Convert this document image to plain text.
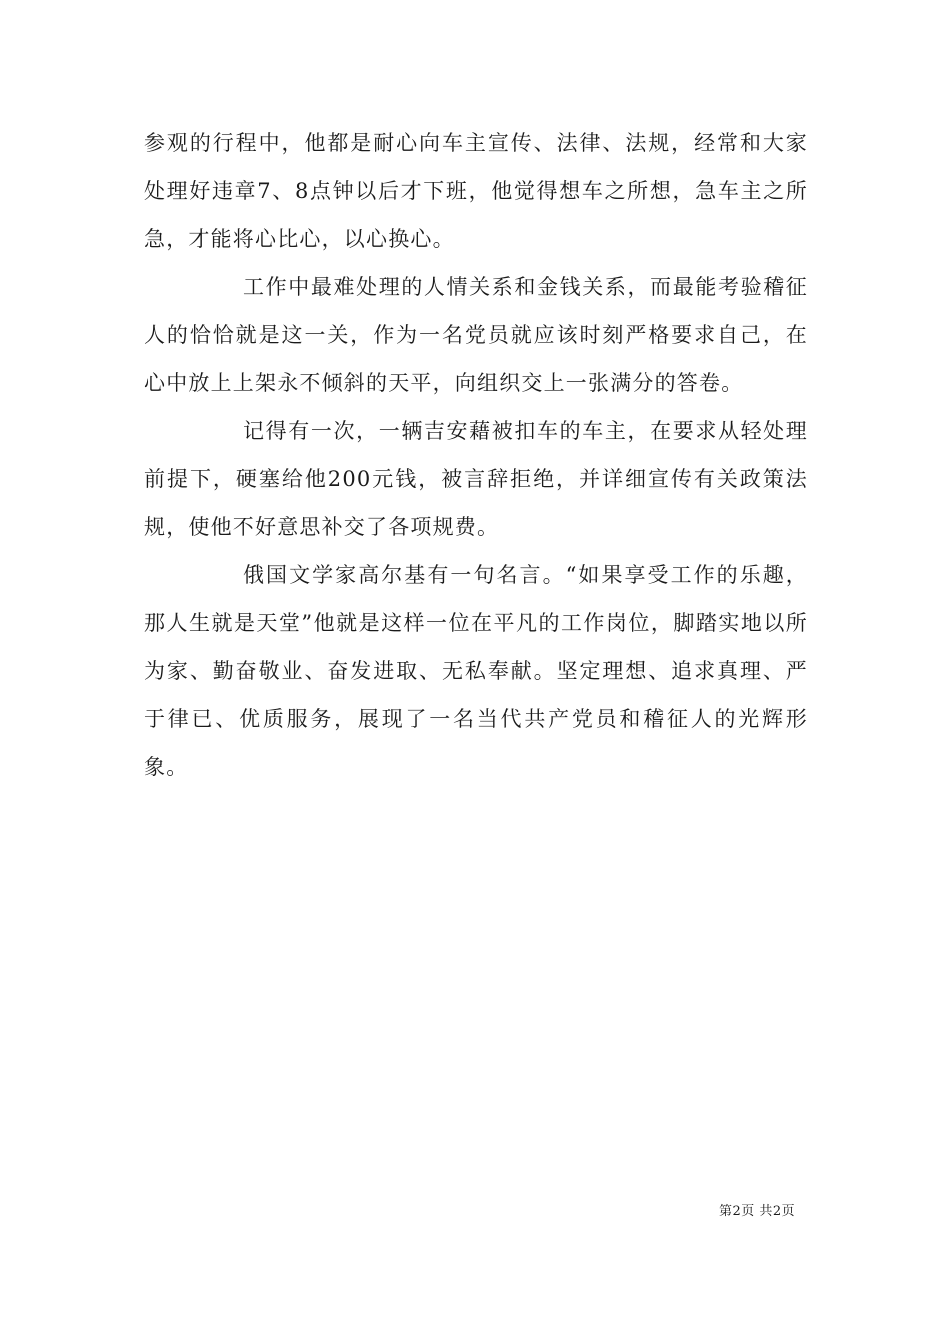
参观的行程中，他都是耐心向车主宣传、法律、法规，经常和大家处理好违章7、8点钟以后才下班，他觉得想车之所想，急车主之所急，才能将心比心，以心换心。

工作中最难处理的人情关系和金钱关系，而最能考验稽征人的恰恰就是这一关，作为一名党员就应该时刻严格要求自己，在心中放上上架永不倾斜的天平，向组织交上一张满分的答卷。

记得有一次，一辆吉安藉被扣车的车主，在要求从轻处理前提下，硬塞给他200元钱，被言辞拒绝，并详细宣传有关政策法规，使他不好意思补交了各项规费。

俄国文学家高尔基有一句名言。“如果享受工作的乐趣，那人生就是天堂”他就是这样一位在平凡的工作岗位，脚踏实地以所为家、勤奋敬业、奋发进取、无私奉献。坚定理想、追求真理、严于律已、优质服务，展现了一名当代共产党员和稽征人的光辉形象。

第2页 共2页
